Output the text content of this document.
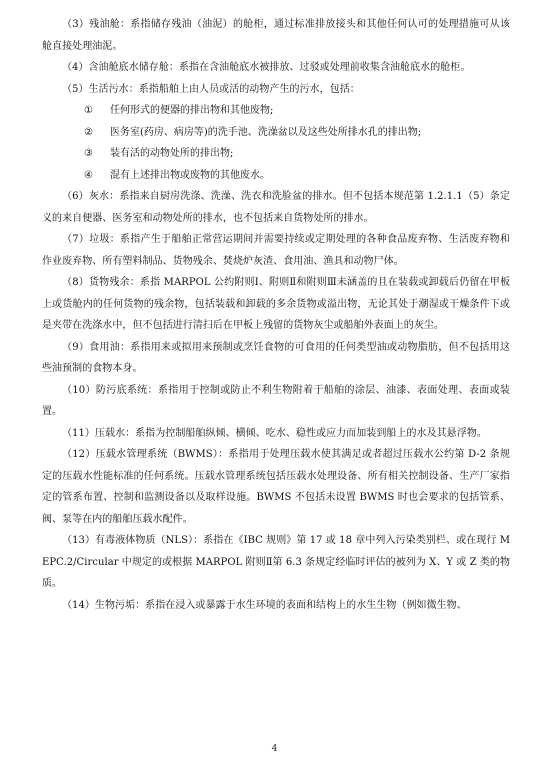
（3）残油舱：系指储存残油（油泥）的舱柜，通过标准排放接头和其他任何认可的处理措施可从该舱直接处理油泥。

（4）含油舱底水储存舱：系指在含油舱底水被排放、过驳或处理前收集含油舱底水的舱柜。

（5）生活污水：系指船舶上由人员或活的动物产生的污水，包括：

①	任何形式的便器的排出物和其他废物;
②	医务室(药房、病房等)的洗手池、洗澡盆以及这些处所排水孔的排出物;
③	装有活的动物处所的排出物;
④	混有上述排出物或废物的其他废水。

（6）灰水：系指来自厨房洗涤、洗澡、洗衣和洗脸盆的排水。但不包括本规范第 1.2.1.1（5）条定义的来自便器、医务室和动物处所的排水，也不包括来自货物处所的排水。

（7）垃圾：系指产生于船舶正常营运期间并需要持续或定期处理的各种食品废弃物、生活废弃物和作业废弃物、所有塑料制品、货物残余、焚烧炉灰渣、食用油、渔具和动物尸体。

（8）货物残余：系指 MARPOL 公约附则Ⅰ、附则Ⅱ和附则Ⅲ未涵盖的且在装载或卸载后仍留在甲板上或货舱内的任何货物的残余物，包括装载和卸载的多余货物或溢出物，无论其处于潮湿或干燥条件下或是夹带在洗涤水中，但不包括进行清扫后在甲板上残留的货物灰尘或船舶外表面上的灰尘。

（9）食用油：系指用来或拟用来预制或烹饪食物的可食用的任何类型油或动物脂肪，但不包括用这些油预制的食物本身。

（10）防污底系统：系指用于控制或防止不利生物附着于船舶的涂层、油漆、表面处理、表面或装置。

（11）压载水：系指为控制船舶纵倾、横倾、吃水、稳性或应力而加装到船上的水及其悬浮物。

（12）压载水管理系统（BWMS）：系指用于处理压载水使其满足或者超过压载水公约第 D-2 条规定的压载水性能标准的任何系统。压载水管理系统包括压载水处理设备、所有相关控制设备、生产厂家指定的管系布置、控制和监测设备以及取样设施。BWMS 不包括未设置 BWMS 时也会要求的包括管系、阀、泵等在内的船舶压载水配件。

（13）有毒液体物质（NLS）：系指在《IBC 规则》第 17 或 18 章中列入污染类别栏、或在现行 MEPC.2/Circular 中规定的或根据 MARPOL 附则Ⅱ第 6.3 条规定经临时评估的被列为 X、Y 或 Z 类的物质。

（14）生物污垢：系指在浸入或暴露于水生环境的表面和结构上的水生生物（例如微生物、

4
